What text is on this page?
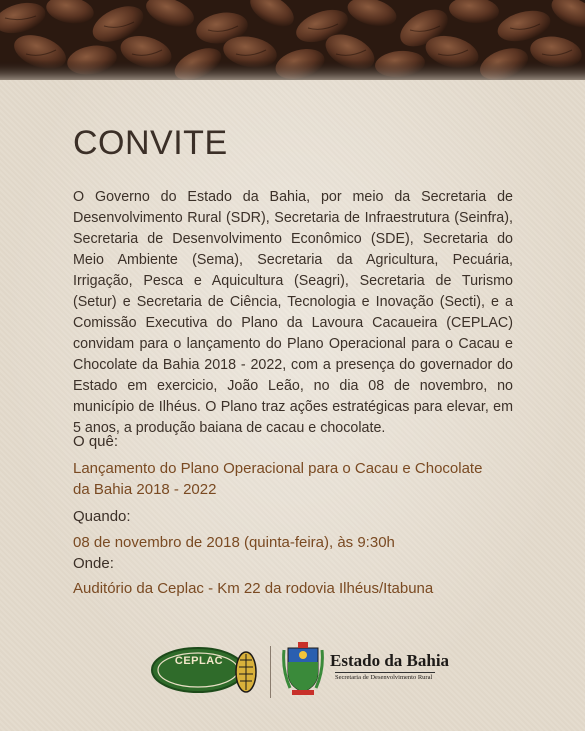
CONVITE
O Governo do Estado da Bahia, por meio da Secretaria de Desenvolvimento Rural (SDR), Secretaria de Infraestrutura (Seinfra), Secretaria de Desenvolvimento Econômico (SDE), Secretaria do Meio Ambiente (Sema), Secretaria da Agricultura, Pecuária, Irrigação, Pesca e Aquicultura (Seagri), Secretaria de Turismo (Setur) e Secretaria de Ciência, Tecnologia e Inovação (Secti), e a Comissão Executiva do Plano da Lavoura Cacaueira (CEPLAC) convidam para o lançamento do Plano Operacional para o Cacau e Chocolate da Bahia 2018 - 2022, com a presença do governador do Estado em exercicio, João Leão, no dia 08 de novembro, no município de Ilhéus. O Plano traz ações estratégicas para elevar, em 5 anos, a produção baiana de cacau e chocolate.
O quê:
Lançamento do Plano Operacional para o Cacau e Chocolate da Bahia 2018 - 2022
Quando:
08 de novembro de 2018 (quinta-feira), às 9:30h
Onde:
Auditório da Ceplac - Km 22 da rodovia Ilhéus/Itabuna
CEPLAC	Estado da Bahia
Secretaria de Desenvolvimento Rural
